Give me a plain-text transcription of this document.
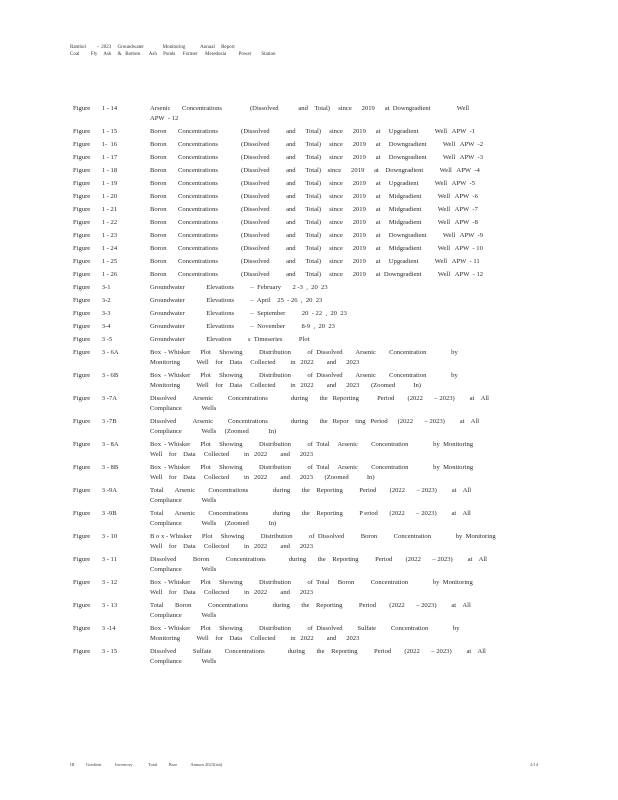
Rambol         -  2023     Groundwater               Monitoring            Annual     Report
Coal         Fly     Ash     &   Bottom       Ash     Ponds      Former      Meredosia          Power        Station
Figure       1 - 14	Arsenic       Concentrations                 (Dissolved            and    Total)     since      2019      at  Downgradient                Well
APW  - 12
Figure       1 - 15	Boron       Concentrations              (Dissolved          and      Total)     since      2019      at     Upgradient          Well   APW  -1
Figure       1-  16	Boron       Concentrations              (Dissolved          and      Total)     since      2019      at     Downgradient          Well   APW  -2
Figure       1 - 17	Boron       Concentrations              (Dissolved          and      Total)     since      2019      at     Downgradient          Well   APW  -3
Figure       1 - 18	Boron       Concentrations              (Dissolved          and      Total)    since      2019      at    Downgradient          Well   APW  -4
Figure       1 - 19	Boron       Concentrations              (Dissolved          and      Total)     since      2019      at     Upgradient          Well   APW  -5
Figure       1 - 20	Boron       Concentrations              (Dissolved          and      Total)     since      2019      at     Midgradient          Well   APW  -6
Figure       1 - 21	Boron       Concentrations              (Dissolved          and      Total)     since      2019      at     Midgradient          Well   APW  -7
Figure       1 - 22	Boron       Concentrations              (Dissolved          and      Total)     since      2019      at     Midgradient          Well   APW  -8
Figure       1 - 23	Boron       Concentrations              (Dissolved          and      Total)     since      2019      at     Downgradient          Well   APW  -9
Figure       1 - 24	Boron       Concentrations              (Dissolved          and      Total)     since      2019      at     Midgradient          Well   APW  - 10
Figure       1 - 25	Boron       Concentrations              (Dissolved          and      Total)     since      2019      at     Upgradient          Well   APW  - 11
Figure       1 - 26	Boron       Concentrations              (Dissolved          and      Total)     since      2019      at  Downgradient          Well   APW  - 12
Figure       3-1	Groundwater             Elevations          –  February       2 -3  ,  20  23
Figure       3-2	Groundwater             Elevations          –  April    25  - 26  ,  20  23
Figure       3-3	Groundwater             Elevations          –  September          20  - 22  ,  20  23
Figure       3-4	Groundwater             Elevations          –  November          8-9  ,  20  23
Figure       3 -5	Groundwater             Elevation          s  Timeseries          Plot
Figure       3 - 6A	Box  - Whisker      Plot     Showing          Distribution          of  Dissolved        Arsenic        Concentration               by
Monitoring          Well    for    Data     Collected         in   2022        and      2023
Figure       3 - 6B	Box  - Whisker      Plot     Showing          Distribution          of  Dissolved        Arsenic        Concentration               by
Monitoring          Well    for    Data     Collected         in   2022        and      2023       (Zoomed           In)
Figure       3 -7A	Dissolved          Arsenic         Concentrations              during       the   Reporting           Period        (2022       – 2023)         at    All
Compliance            Wells
Figure       3 -7B	Dissolved          Arsenic         Concentrations              during       the   Repor    ting   Period      (2022       – 2023)         at    All
Compliance            Wells     (Zoomed            In)
Figure       3 - 8A	Box  - Whisker      Plot     Showing          Distribution          of  Total     Arsenic        Concentration               by  Monitoring
Well    for    Data     Collected         in   2022        and      2023
Figure       3 - 8B	Box  - Whisker      Plot     Showing          Distribution          of  Total     Arsenic        Concentration               by  Monitoring
Well    for    Data     Collected         in   2022        and      2023       (Zoomed           In)
Figure       3 -9A	Total       Arsenic        Concentrations               during       the    Reporting          Period        (2022       – 2023)         at    All
Compliance            Wells
Figure       3 -9B	Total       Arsenic        Concentrations               during       the    Reporting          P eriod       (2022       – 2023)         at    All
Compliance            Wells     (Zoomed            In)
Figure       3 - 10	B o x - Whisker      Plot     Showing          Distribution          of  Dissolved          Boron          Concentration               by  Monitoring
Well    for    Data     Collected         in   2022        and      2023
Figure       3 - 11	Dissolved          Boron          Concentrations              during       the    Reporting          Period        (2022       – 2023)         at    All
Compliance            Wells
Figure       3 - 12	Box  - Whisker      Plot     Showing          Distribution          of  Total     Boron          Concentration               by  Monitoring
Well    for    Data     Collected         in   2022        and      2023
Figure       3 - 13	Total       Boron          Concentrations               during       the    Reporting          Period        (2022       – 2023)         at    All
Compliance            Wells
Figure       3 -14	Box  - Whisker      Plot     Showing          Distribution          of  Dissolved         Sulfate         Concentration               by
Monitoring          Well    for    Data     Collected         in   2022        and      2023
Figure       3 - 15	Dissolved          Sulfate        Concentrations              during       the    Reporting          Period        (2022       – 2023)         at    All
Compliance            Wells
III          Gradient            Inventory              Total          Bare            Annum 2023(ish)	2/14
